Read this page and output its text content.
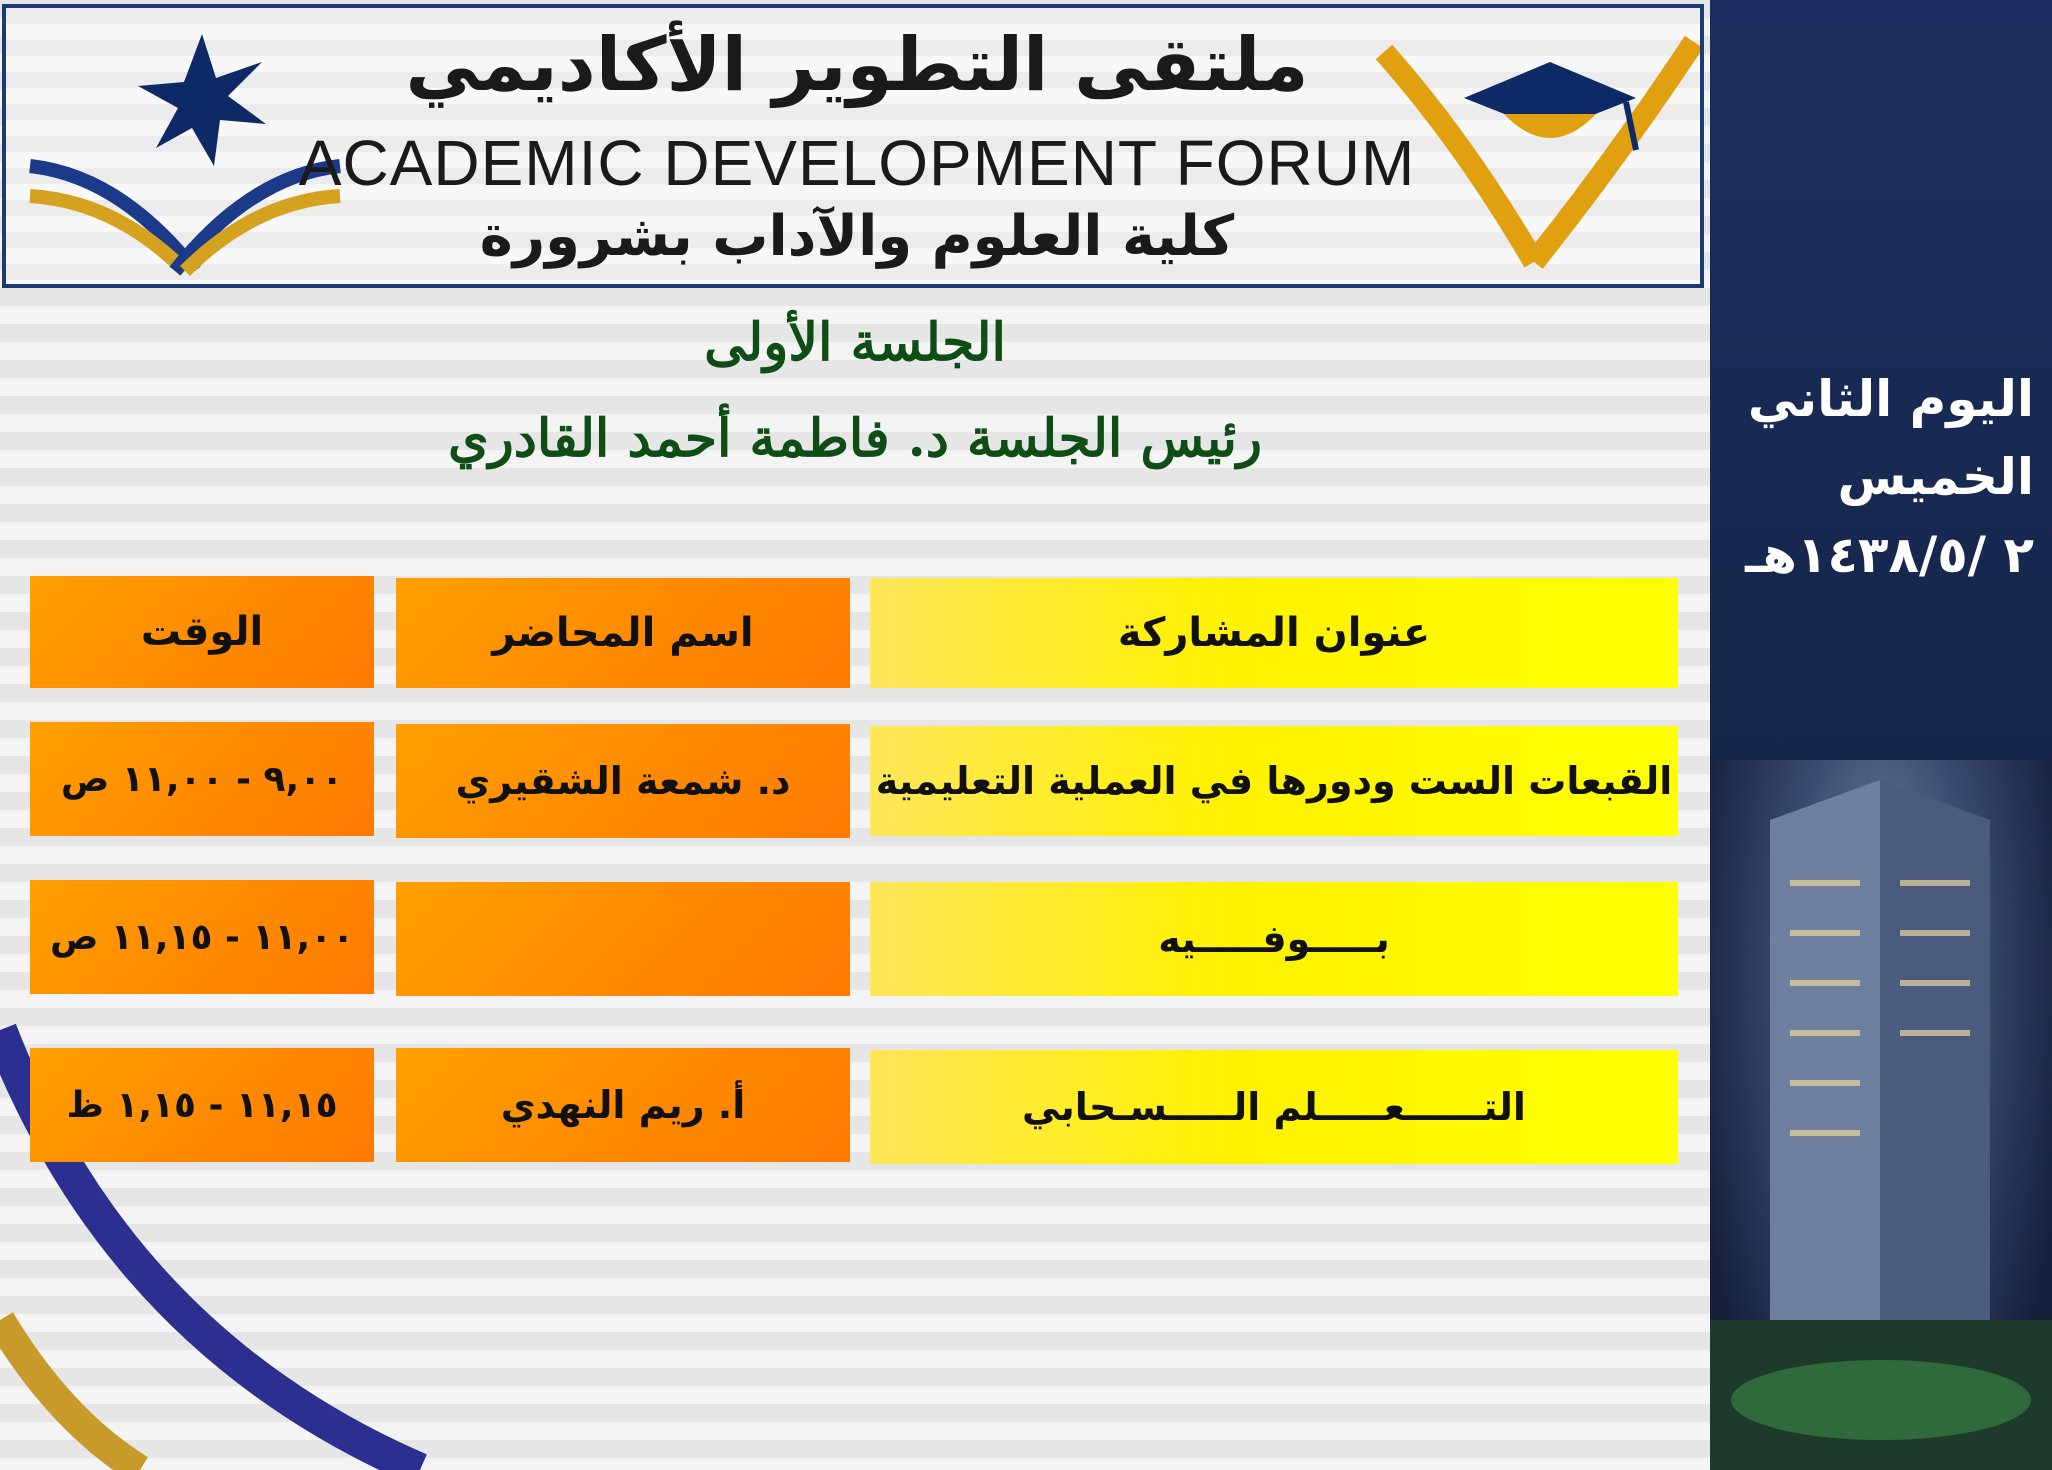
ملتقى التطوير الأكاديمي
ACADEMIC DEVELOPMENT FORUM
كلية العلوم والآداب بشرورة
الجلسة الأولى
رئيس الجلسة د. فاطمة أحمد القادري
عنوان المشاركة
اسم المحاضر
الوقت
القبعات الست ودورها في العملية التعليمية
د. شمعة الشقيري
٩,٠٠ - ١١,٠٠ ص
بـــــوفـــــيه
١١,٠٠ - ١١,١٥ ص
التــــــعـــــلم الـــــسـحابي
أ. ريم النهدي
١١,١٥ - ١,١٥ ظ
اليوم الثاني
الخميس
٢ /١٤٣٨/٥هـ
